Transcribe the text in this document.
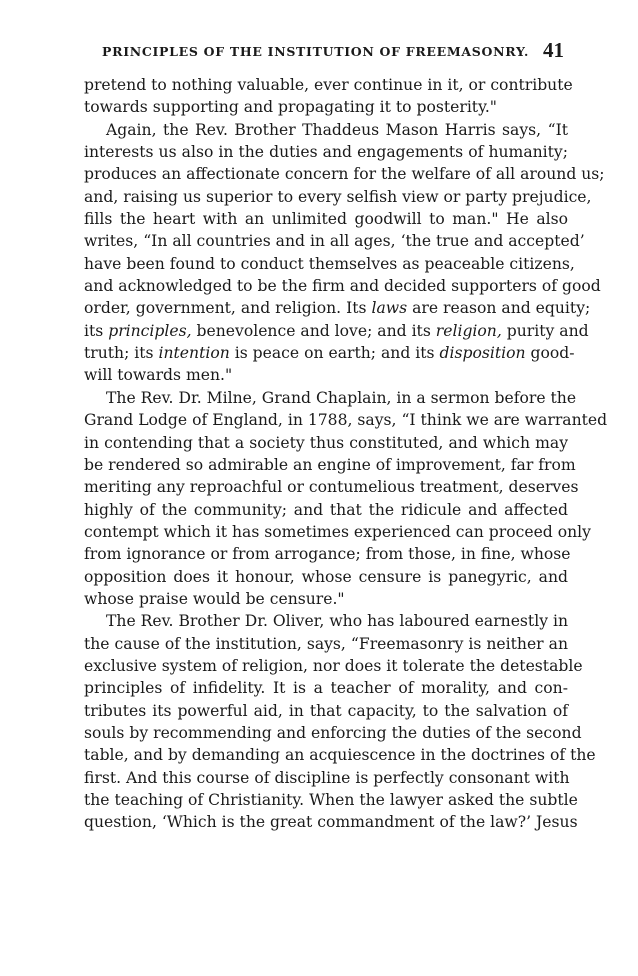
PRINCIPLES OF THE INSTITUTION OF FREEMASONRY. 41
pretend to nothing valuable, ever continue in it, or contribute
towards supporting and propagating it to posterity."
Again, the Rev. Brother Thaddeus Mason Harris says, “It
interests us also in the duties and engagements of humanity;
produces an affectionate concern for the welfare of all around us;
and, raising us superior to every selfish view or party prejudice,
fills the heart with an unlimited goodwill to man." He also
writes, “In all countries and in all ages, ‘the true and accepted’
have been found to conduct themselves as peaceable citizens,
and acknowledged to be the firm and decided supporters of good
order, government, and religion. Its laws are reason and equity;
its principles, benevolence and love; and its religion, purity and
truth; its intention is peace on earth; and its disposition good-
will towards men."
The Rev. Dr. Milne, Grand Chaplain, in a sermon before the
Grand Lodge of England, in 1788, says, “I think we are warranted
in contending that a society thus constituted, and which may
be rendered so admirable an engine of improvement, far from
meriting any reproachful or contumelious treatment, deserves
highly of the community; and that the ridicule and affected
contempt which it has sometimes experienced can proceed only
from ignorance or from arrogance; from those, in fine, whose
opposition does it honour, whose censure is panegyric, and
whose praise would be censure."
The Rev. Brother Dr. Oliver, who has laboured earnestly in
the cause of the institution, says, “Freemasonry is neither an
exclusive system of religion, nor does it tolerate the detestable
principles of infidelity. It is a teacher of morality, and con-
tributes its powerful aid, in that capacity, to the salvation of
souls by recommending and enforcing the duties of the second
table, and by demanding an acquiescence in the doctrines of the
first. And this course of discipline is perfectly consonant with
the teaching of Christianity. When the lawyer asked the subtle
question, ‘Which is the great commandment of the law?’ Jesus
